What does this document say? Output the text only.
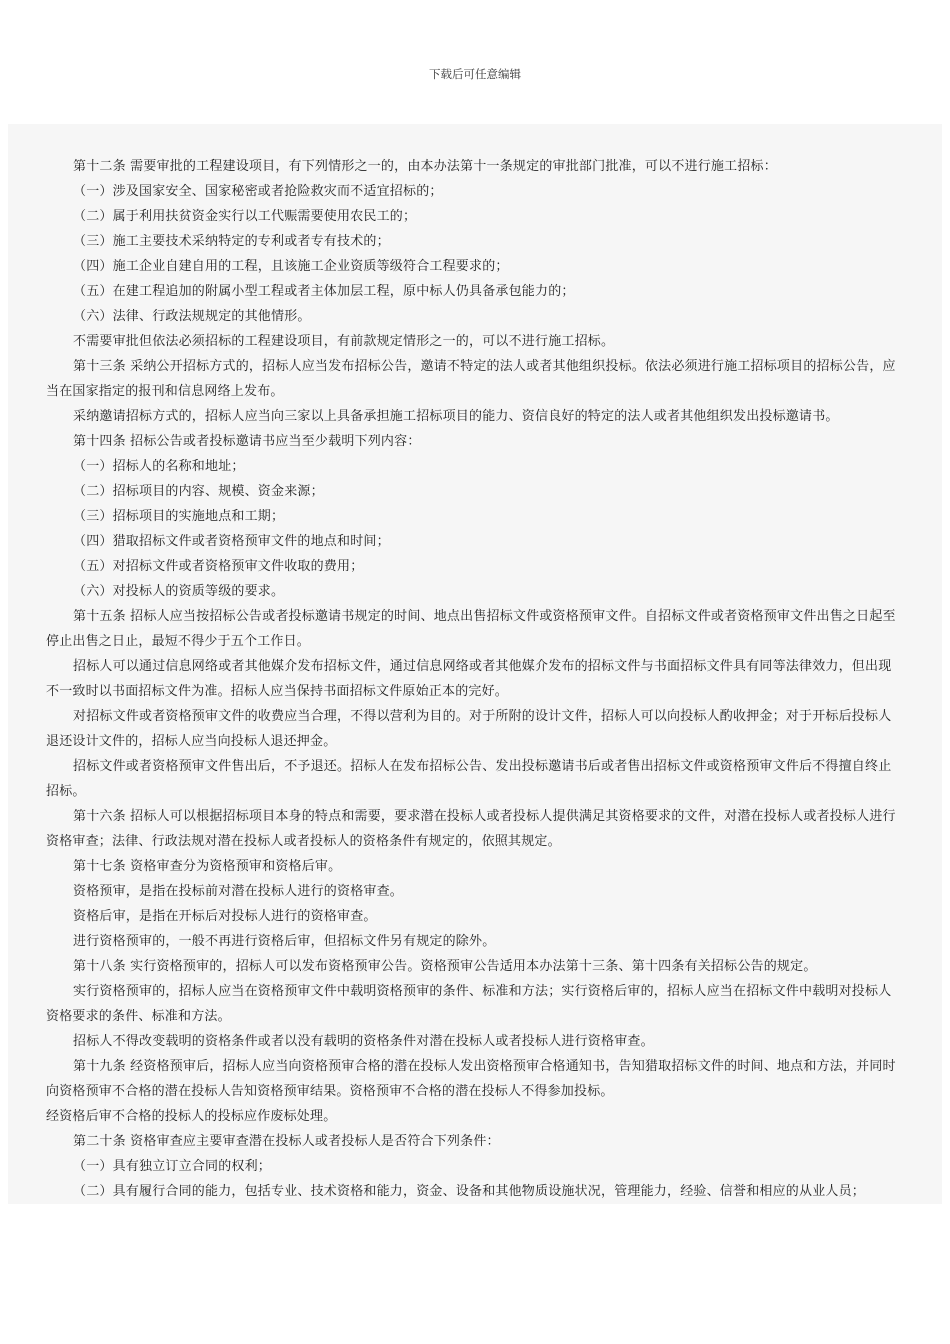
下载后可任意编辑

第十二条 需要审批的工程建设项目，有下列情形之一的，由本办法第十一条规定的审批部门批准，可以不进行施工招标：

（一）涉及国家安全、国家秘密或者抢险救灾而不适宜招标的；

（二）属于利用扶贫资金实行以工代赈需要使用农民工的；

（三）施工主要技术采纳特定的专利或者专有技术的；

（四）施工企业自建自用的工程，且该施工企业资质等级符合工程要求的；

（五）在建工程追加的附属小型工程或者主体加层工程，原中标人仍具备承包能力的；

（六）法律、行政法规规定的其他情形。

不需要审批但依法必须招标的工程建设项目，有前款规定情形之一的，可以不进行施工招标。

第十三条 采纳公开招标方式的，招标人应当发布招标公告，邀请不特定的法人或者其他组织投标。依法必须进行施工招标项目的招标公告，应当在国家指定的报刊和信息网络上发布。

采纳邀请招标方式的，招标人应当向三家以上具备承担施工招标项目的能力、资信良好的特定的法人或者其他组织发出投标邀请书。

第十四条 招标公告或者投标邀请书应当至少载明下列内容：

（一）招标人的名称和地址；

（二）招标项目的内容、规模、资金来源；

（三）招标项目的实施地点和工期；

（四）猎取招标文件或者资格预审文件的地点和时间；

（五）对招标文件或者资格预审文件收取的费用；

（六）对投标人的资质等级的要求。

第十五条 招标人应当按招标公告或者投标邀请书规定的时间、地点出售招标文件或资格预审文件。自招标文件或者资格预审文件出售之日起至停止出售之日止，最短不得少于五个工作日。

招标人可以通过信息网络或者其他媒介发布招标文件，通过信息网络或者其他媒介发布的招标文件与书面招标文件具有同等法律效力，但出现不一致时以书面招标文件为准。招标人应当保持书面招标文件原始正本的完好。

对招标文件或者资格预审文件的收费应当合理，不得以营利为目的。对于所附的设计文件，招标人可以向投标人酌收押金；对于开标后投标人退还设计文件的，招标人应当向投标人退还押金。

招标文件或者资格预审文件售出后，不予退还。招标人在发布招标公告、发出投标邀请书后或者售出招标文件或资格预审文件后不得擅自终止招标。

第十六条 招标人可以根据招标项目本身的特点和需要，要求潜在投标人或者投标人提供满足其资格要求的文件，对潜在投标人或者投标人进行资格审查；法律、行政法规对潜在投标人或者投标人的资格条件有规定的，依照其规定。

第十七条 资格审查分为资格预审和资格后审。

资格预审，是指在投标前对潜在投标人进行的资格审查。

资格后审，是指在开标后对投标人进行的资格审查。

进行资格预审的，一般不再进行资格后审，但招标文件另有规定的除外。

第十八条 实行资格预审的，招标人可以发布资格预审公告。资格预审公告适用本办法第十三条、第十四条有关招标公告的规定。

实行资格预审的，招标人应当在资格预审文件中载明资格预审的条件、标准和方法；实行资格后审的，招标人应当在招标文件中载明对投标人资格要求的条件、标准和方法。

招标人不得改变载明的资格条件或者以没有载明的资格条件对潜在投标人或者投标人进行资格审查。

第十九条 经资格预审后，招标人应当向资格预审合格的潜在投标人发出资格预审合格通知书，告知猎取招标文件的时间、地点和方法，并同时向资格预审不合格的潜在投标人告知资格预审结果。资格预审不合格的潜在投标人不得参加投标。

经资格后审不合格的投标人的投标应作废标处理。

第二十条 资格审查应主要审查潜在投标人或者投标人是否符合下列条件：

（一）具有独立订立合同的权利；

（二）具有履行合同的能力，包括专业、技术资格和能力，资金、设备和其他物质设施状况，管理能力，经验、信誉和相应的从业人员；
